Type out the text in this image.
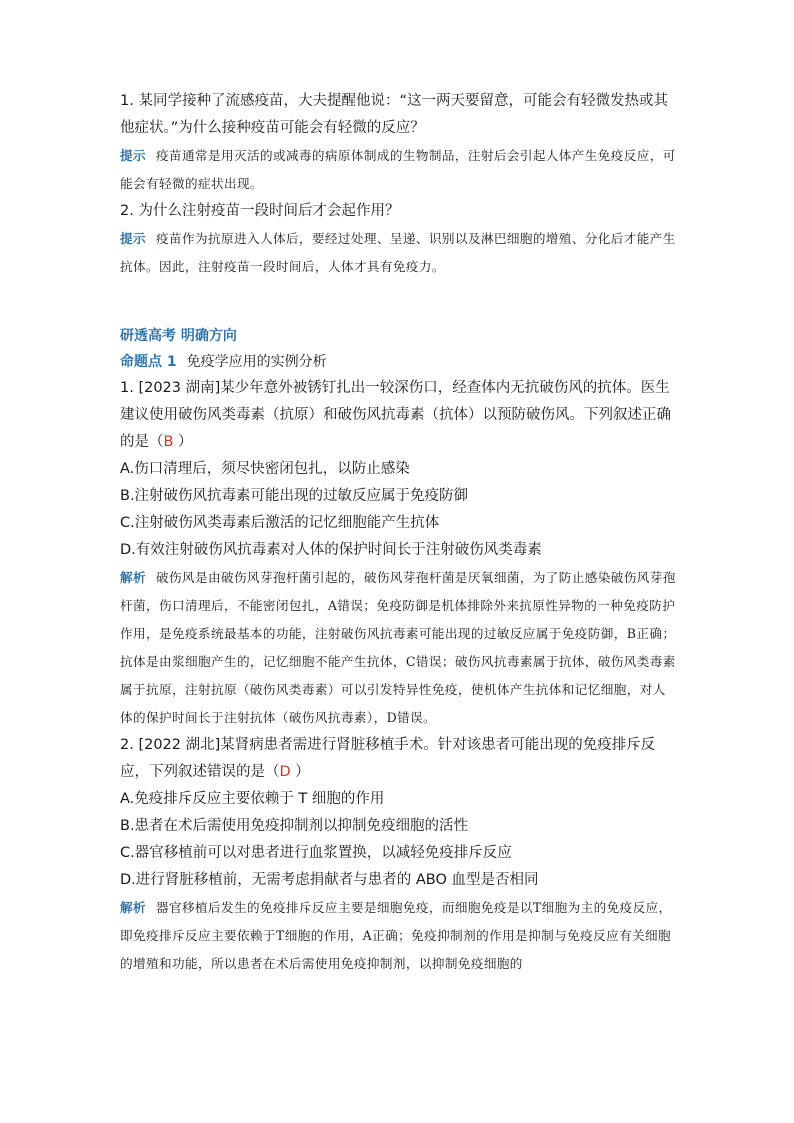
1. 某同学接种了流感疫苗，大夫提醒他说：“这一两天要留意，可能会有轻微发热或其他症状。”为什么接种疫苗可能会有轻微的反应？

提示 疫苗通常是用灭活的或减毒的病原体制成的生物制品，注射后会引起人体产生免疫反应，可能会有轻微的症状出现。

2. 为什么注射疫苗一段时间后才会起作用？

提示 疫苗作为抗原进入人体后，要经过处理、呈递、识别以及淋巴细胞的增殖、分化后才能产生抗体。因此，注射疫苗一段时间后，人体才具有免疫力。

研透高考 明确方向

命题点 1 免疫学应用的实例分析

1. [2023 湖南]某少年意外被锈钉扎出一较深伤口，经查体内无抗破伤风的抗体。医生建议使用破伤风类毒素（抗原）和破伤风抗毒素（抗体）以预防破伤风。下列叙述正确的是（B ）

A.伤口清理后，须尽快密闭包扎，以防止感染

B.注射破伤风抗毒素可能出现的过敏反应属于免疫防御

C.注射破伤风类毒素后激活的记忆细胞能产生抗体

D.有效注射破伤风抗毒素对人体的保护时间长于注射破伤风类毒素

解析 破伤风是由破伤风芽孢杆菌引起的，破伤风芽孢杆菌是厌氧细菌，为了防止感染破伤风芽孢杆菌，伤口清理后，不能密闭包扎，A错误；免疫防御是机体排除外来抗原性异物的一种免疫防护作用，是免疫系统最基本的功能，注射破伤风抗毒素可能出现的过敏反应属于免疫防御，B正确；抗体是由浆细胞产生的，记忆细胞不能产生抗体，C错误；破伤风抗毒素属于抗体，破伤风类毒素属于抗原，注射抗原（破伤风类毒素）可以引发特异性免疫，使机体产生抗体和记忆细胞，对人体的保护时间长于注射抗体（破伤风抗毒素），D错误。

2. [2022 湖北]某肾病患者需进行肾脏移植手术。针对该患者可能出现的免疫排斥反应，下列叙述错误的是（D ）

A.免疫排斥反应主要依赖于 T 细胞的作用

B.患者在术后需使用免疫抑制剂以抑制免疫细胞的活性

C.器官移植前可以对患者进行血浆置换，以减轻免疫排斥反应

D.进行肾脏移植前，无需考虑捐献者与患者的 ABO 血型是否相同

解析 器官移植后发生的免疫排斥反应主要是细胞免疫，而细胞免疫是以T细胞为主的免疫反应，即免疫排斥反应主要依赖于T细胞的作用，A正确；免疫抑制剂的作用是抑制与免疫反应有关细胞的增殖和功能，所以患者在术后需使用免疫抑制剂，以抑制免疫细胞的
